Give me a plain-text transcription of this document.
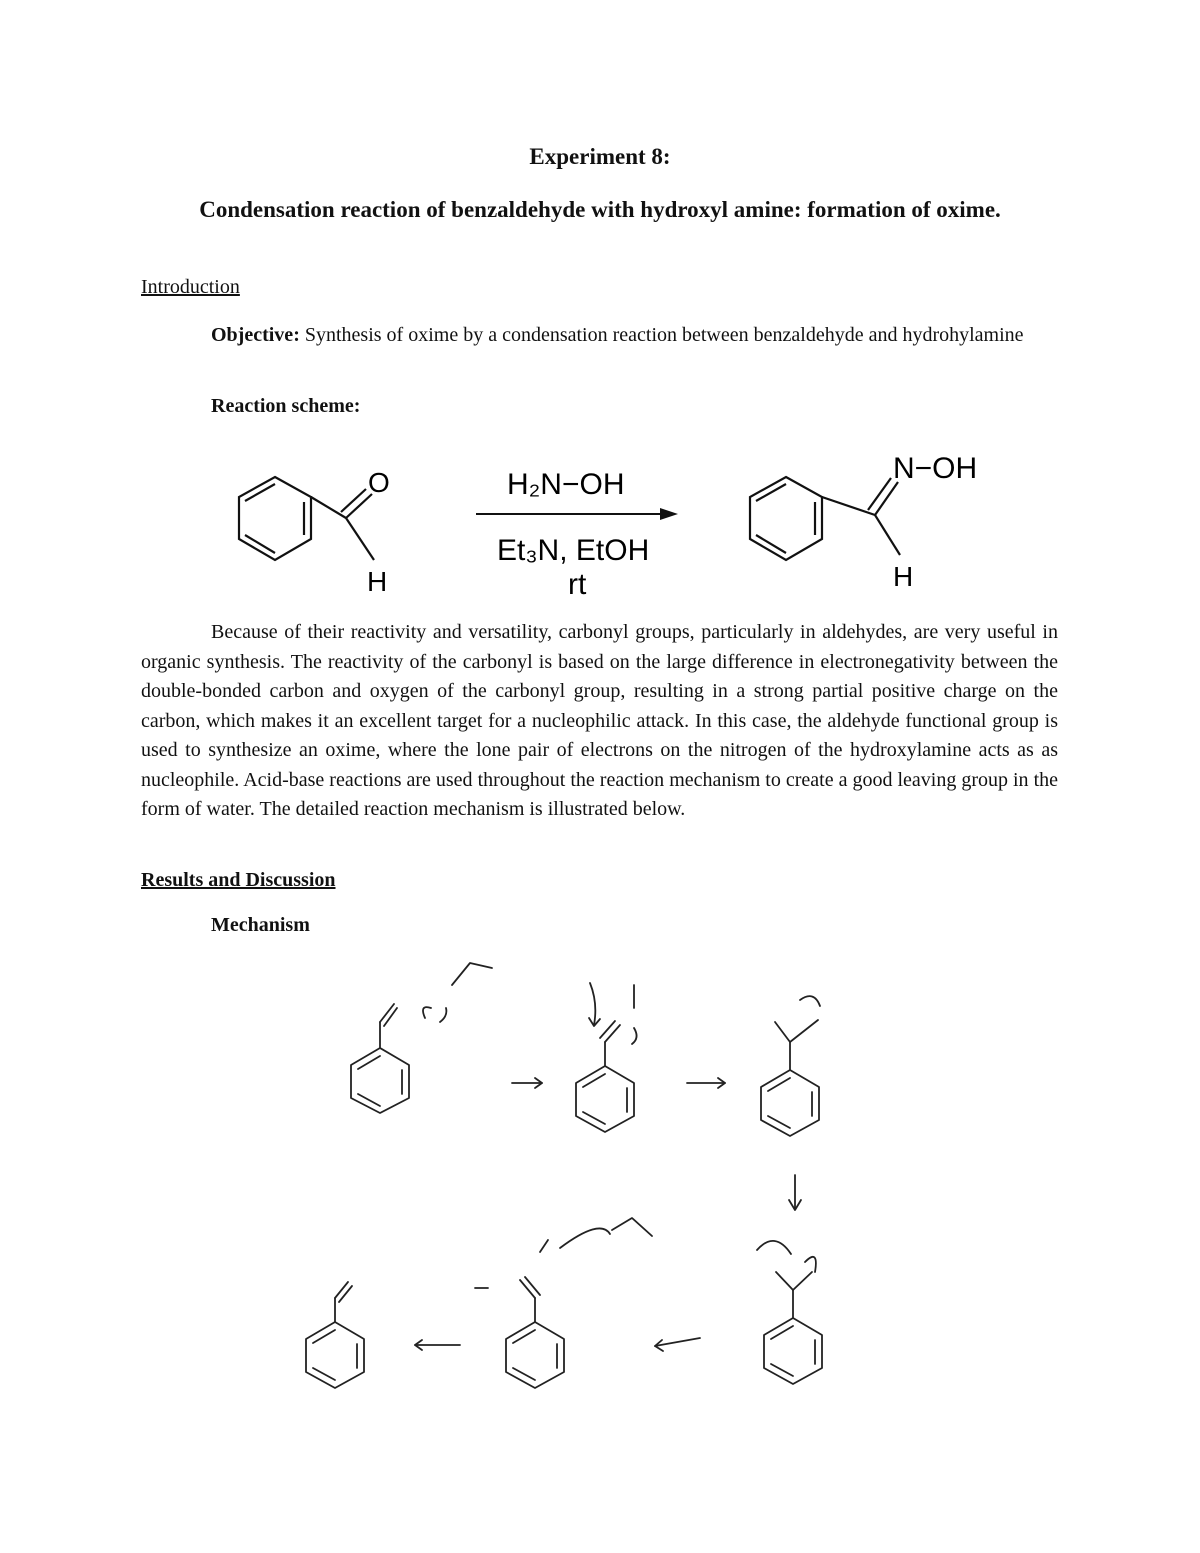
Experiment 8:
Condensation reaction of benzaldehyde with hydroxyl amine: formation of oxime.
Introduction
Objective: Synthesis of oxime by a condensation reaction between benzaldehyde and hydrohylamine
Reaction scheme:
O
H
H₂N−OH
Et₃N, EtOH
rt
N−OH
H
Because of their reactivity and versatility, carbonyl groups, particularly in aldehydes, are very useful in organic synthesis. The reactivity of the carbonyl is based on the large difference in electronegativity between the double-bonded carbon and oxygen of the carbonyl group, resulting in a strong partial positive charge on the carbon, which makes it an excellent target for a nucleophilic attack. In this case, the aldehyde functional group is used to synthesize an oxime, where the lone pair of electrons on the nitrogen of the hydroxylamine acts as as nucleophile. Acid-base reactions are used throughout the reaction mechanism to create a good leaving group in the form of water. The detailed reaction mechanism is illustrated below.
Results and Discussion
Mechanism
